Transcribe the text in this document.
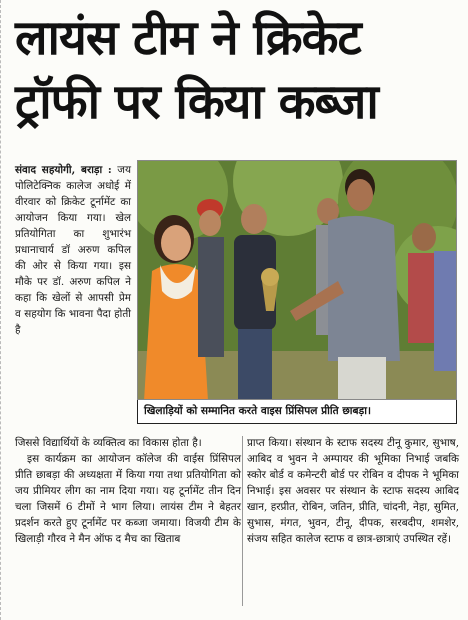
लायंस टीम ने क्रिकेट
ट्रॉफी पर किया कब्जा

संवाद सहयोगी, बराड़ा : जय पोलिटेक्निक कालेज अधोई में वीरवार को क्रिकेट टूर्नामेंट का आयोजन किया गया। खेल प्रतियोगिता का शुभारंभ प्रधानाचार्य डॉ अरुण कपिल की ओर से किया गया। इस मौके पर डॉ. अरुण कपिल ने कहा कि खेलों से आपसी प्रेम व सहयोग कि भावना पैदा होती है

खिलाड़ियों को सम्मानित करते वाइस प्रिंसिपल प्रीति छाबड़ा।

जिससे विद्यार्थियों के व्यक्तित्व का विकास होता है।

इस कार्यक्रम का आयोजन कॉलेज की वाईस प्रिंसिपल प्रीति छाबड़ा की अध्यक्षता में किया गया तथा प्रतियोगिता को जय प्रीमियर लीग का नाम दिया गया। यह टूर्नामेंट तीन दिन चला जिसमें 6 टीमों ने भाग लिया। लायंस टीम ने बेहतर प्रदर्शन करते हुए टूर्नामेंट पर कब्जा जमाया। विजयी टीम के खिलाड़ी गौरव ने मैन ऑफ द मैच का खिताब

प्राप्त किया। संस्थान के स्टाफ सदस्य टीनू कुमार, सुभाष, आबिद व भुवन ने अम्पायर की भूमिका निभाई जबकि स्कोर बोर्ड व कमेन्टरी बोर्ड पर रोबिन व दीपक ने भूमिका निभाई। इस अवसर पर संस्थान के स्टाफ सदस्य आबिद खान, हरप्रीत, रोबिन, जतिन, प्रीति, चांदनी, नेहा, सुमित, सुभास, मंगत, भुवन, टीनू, दीपक, सरबदीप, शमशेर, संजय सहित कालेज स्टाफ व छात्र-छात्राएं उपस्थित रहें।
